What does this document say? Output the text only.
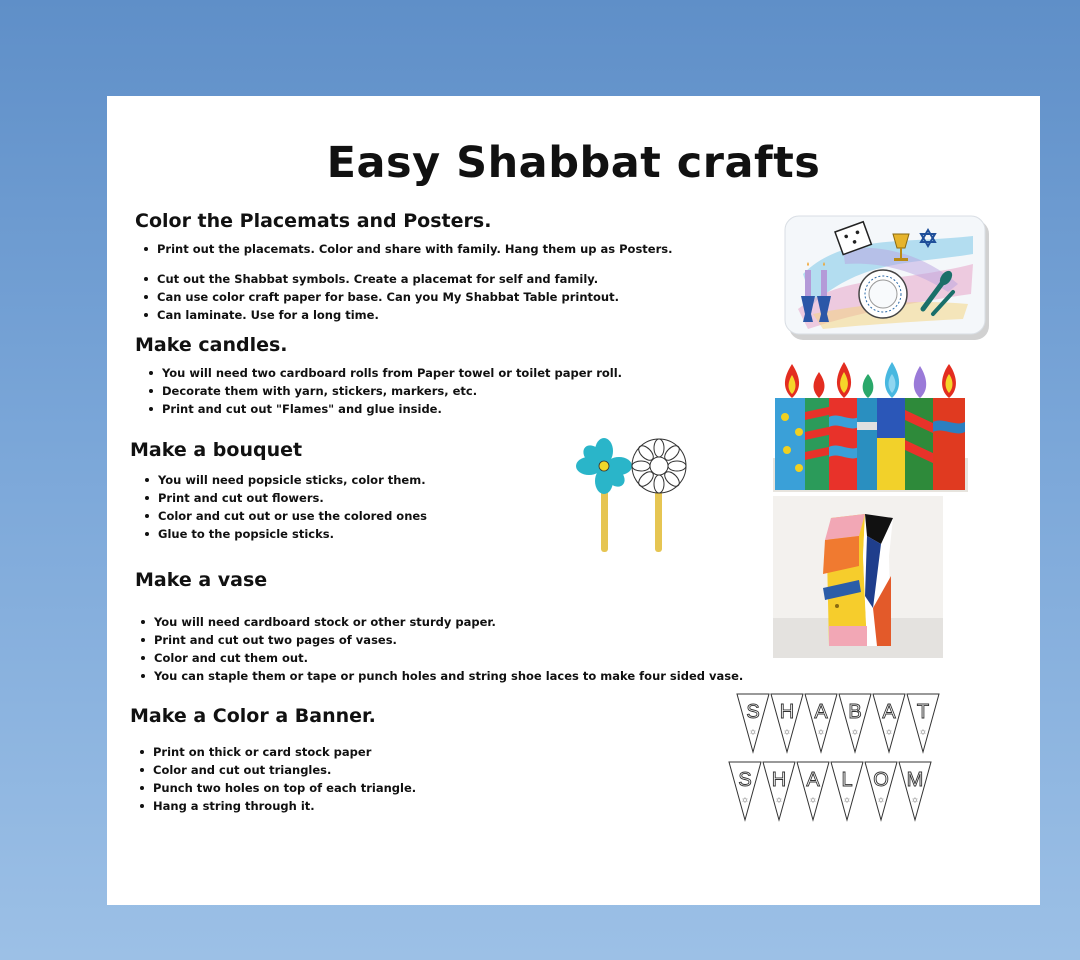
Easy Shabbat crafts
Color the Placemats and Posters.
Print out the placemats. Color and share with family. Hang them up as Posters.
Cut out the Shabbat symbols. Create a placemat for self and family.
Can use color craft paper for base. Can you My Shabbat Table printout.
Can laminate. Use for a long time.
Make candles.
You will need two cardboard rolls from Paper towel or toilet paper roll.
Decorate them with yarn, stickers, markers, etc.
Print and cut out "Flames" and glue inside.
Make a bouquet
You will need popsicle sticks, color them.
Print and cut out flowers.
Color and cut out or use the colored ones
Glue to the popsicle sticks.
Make a vase
You will need cardboard stock or other sturdy paper.
Print and cut out two pages of vases.
Color and cut them out.
You can staple them or tape or punch holes and string shoe laces to make four sided vase.
Make a Color a Banner.
Print on thick or card stock paper
Color and cut out triangles.
Punch two holes on top of each triangle.
Hang a string through it.
S
✡
H
✡
A
✡
B
✡
A
✡
T
✡
S
✡
H
✡
A
✡
L
✡
O
✡
M
✡
